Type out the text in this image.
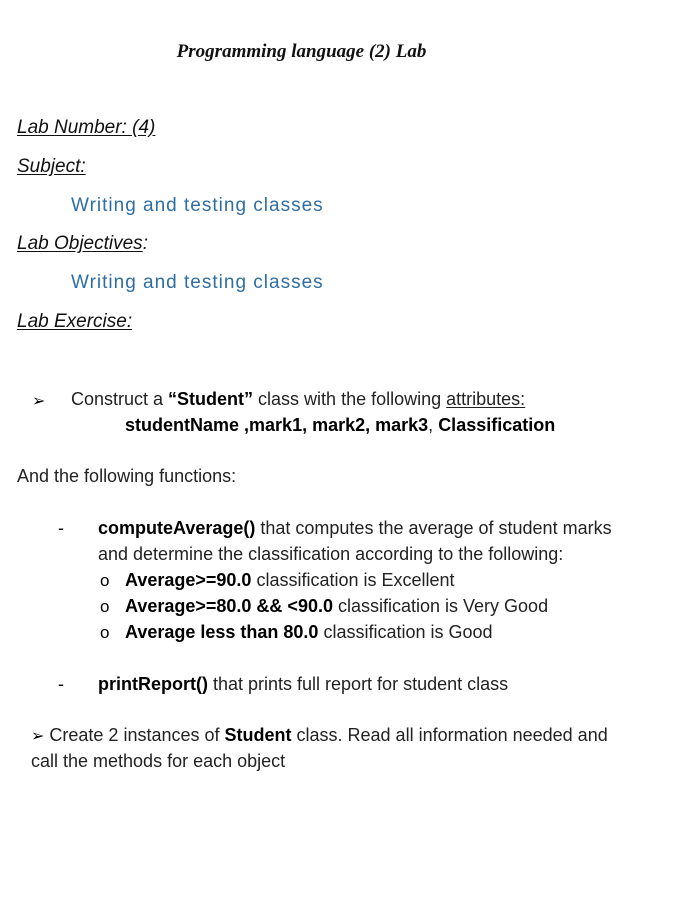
Programming language (2) Lab
Lab Number: (4)
Subject:
Writing and testing classes
Lab Objectives:
Writing and testing classes
Lab Exercise:
➢ Construct a “Student” class with the following attributes:
studentName ,mark1, mark2, mark3, Classification
And the following functions:
- computeAverage() that computes the average of student marks
and determine the classification according to the following:
o Average>=90.0 classification is Excellent
o Average>=80.0 && <90.0 classification is Very Good
o Average less than 80.0 classification is Good
- printReport() that prints full report for student class
➢ Create 2 instances of Student class. Read all information needed and
call the methods for each object
